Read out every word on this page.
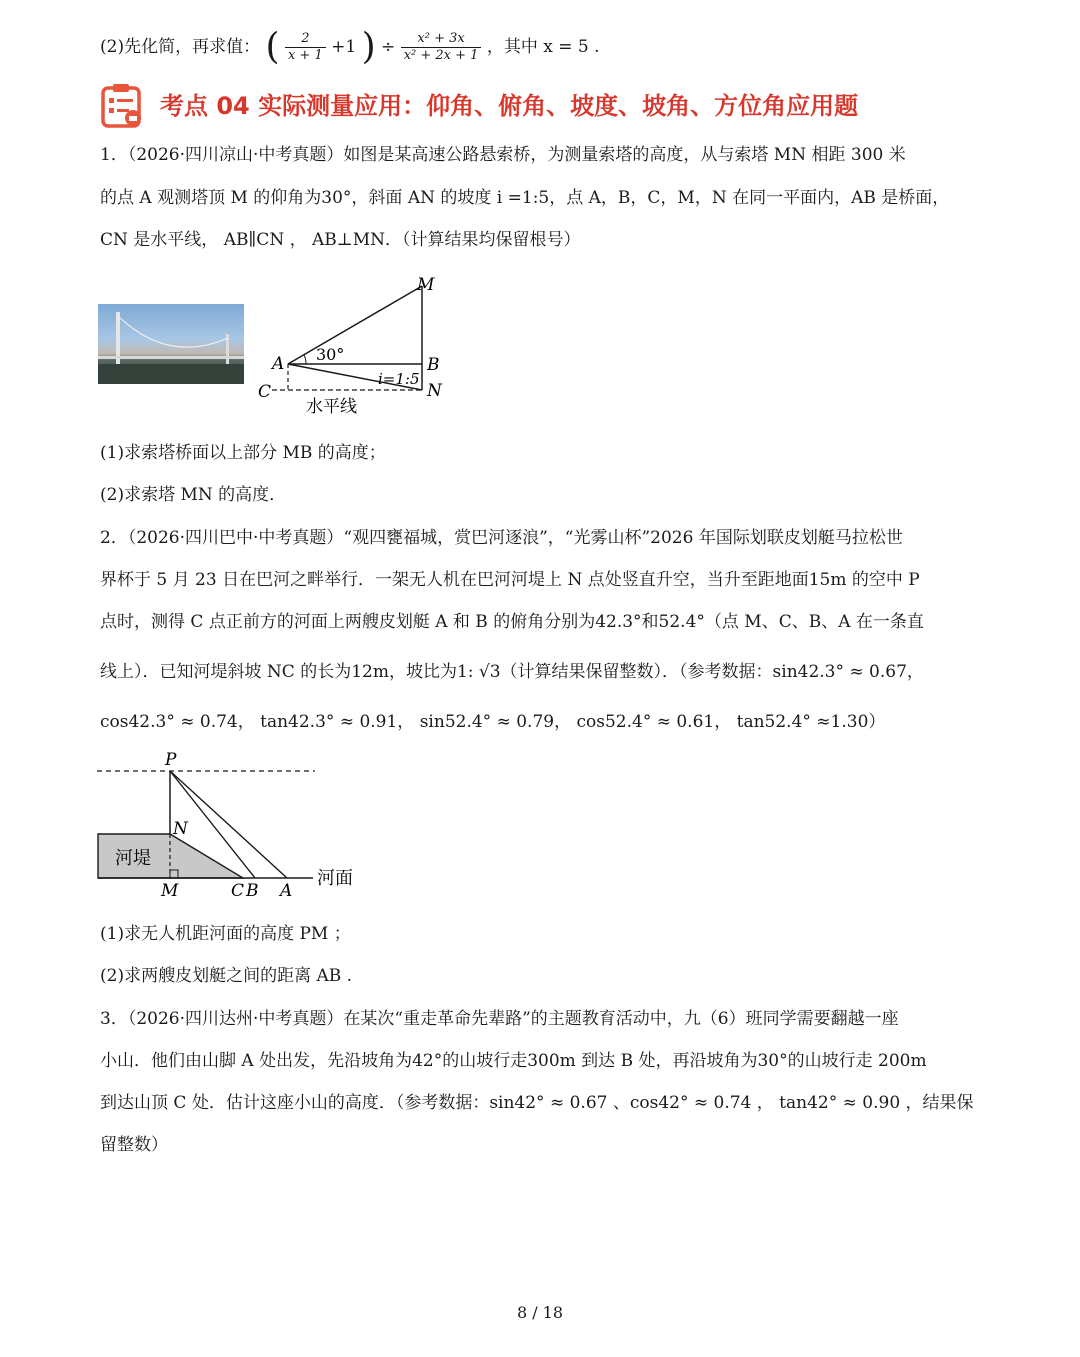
(2)先化简，再求值： ( $\frac{2}{x + 1} +1$ ) ÷ $\frac{\text{x² + 3x}}{\text{x² + 2x + 1}}$ ，其中 x = 5 .
考点 04 实际测量应用：仰角、俯角、坡度、坡角、方位角应用题
1．（2026·四川凉山·中考真题）如图是某高速公路悬索桥，为测量索塔的高度，从与索塔 MN 相距 300 米
的点 A 观测塔顶 M 的仰角为30°，斜面 AN 的坡度 i =1:5，点 A，B，C，M，N 在同一平面内，AB 是桥面，
CN 是水平线， AB∥CN ， AB⊥MN．（计算结果均保留根号）
M
A	B
C	N
30°
i=1:5
水平线
(1)求索塔桥面以上部分 MB 的高度；
(2)求索塔 MN 的高度．
2．（2026·四川巴中·中考真题）“观四甕福城，赏巴河逐浪”，“光雾山杯”2026 年国际划联皮划艇马拉松世
界杯于 5 月 23 日在巴河之畔举行．一架无人机在巴河河堤上 N 点处竖直升空，当升至距地面15m 的空中 P
点时，测得 C 点正前方的河面上两艘皮划艇 A 和 B 的俯角分别为42.3°和52.4°（点 M、C、B、A 在一条直
线上）．已知河堤斜坡 NC 的长为12m，坡比为1: √3（计算结果保留整数）．（参考数据：sin42.3° ≈ 0.67，
cos42.3° ≈ 0.74， tan42.3° ≈ 0.91， sin52.4° ≈ 0.79， cos52.4° ≈ 0.61， tan52.4° ≈1.30）
P
N
M	C B A
河堤
河面
(1)求无人机距河面的高度 PM ；
(2)求两艘皮划艇之间的距离 AB .
3．（2026·四川达州·中考真题）在某次“重走革命先辈路”的主题教育活动中，九（6）班同学需要翻越一座
小山．他们由山脚 A 处出发，先沿坡角为42°的山坡行走300m 到达 B 处，再沿坡角为30°的山坡行走 200m
到达山顶 C 处．估计这座小山的高度．（参考数据：sin42° ≈ 0.67 、cos42° ≈ 0.74 ， tan42° ≈ 0.90 ，结果保
留整数）
8 / 18
